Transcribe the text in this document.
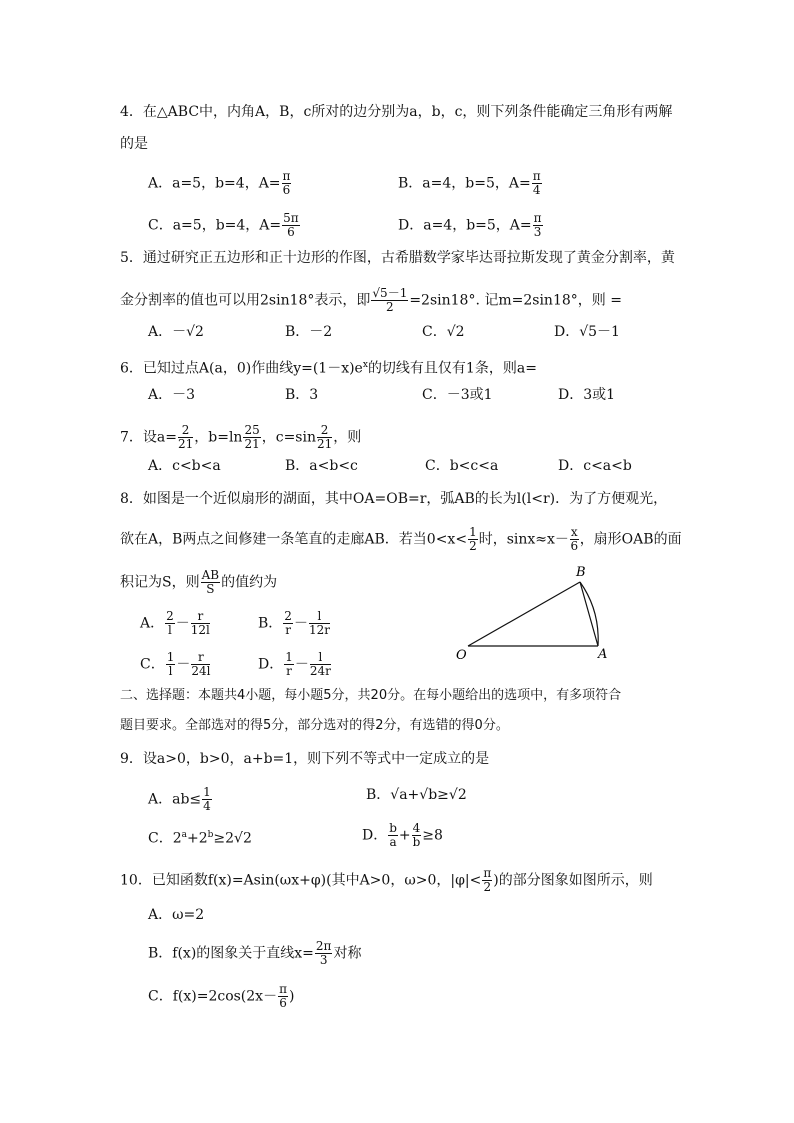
4．在△ABC中，内角A，B，c所对的边分别为a，b，c，则下列条件能确定三角形有两解
的是
A．a=5，b=4，$A= \frac{\pi}{6}$	B．a=4，b=5，$A= \frac{\pi}{4}$
C．a=5，b=4，$A= \frac{5\pi}{6}$	D．a=4，b=5，$A= \frac{\pi}{3}$
5．通过研究正五边形和正十边形的作图，古希腊数学家毕达哥拉斯发现了黄金分割率，黄
金分割率的值也可以用2sin18°表示，即 $\frac{√5-1}{2} =2\sin 18^\circ$. 记m=2sin18°，则 =
A．－√2	B．－2	C．√2	D．√5－1
6．已知过点A(a，0)作曲线$y=(1-x)e^x$的切线有且仅有1条，则a=
A．－3	B．3	C．－3或1	D．3或1
7．设$a= \frac{2}{21}$ ，$b=\ln \frac{25}{21}$ ，$c=\sin \frac{2}{21}$ ，则
A．c<b<a	B．a<b<c	C．b<c<a	D．c<a<b
8．如图是一个近似扇形的湖面，其中OA=OB=r，弧AB的长为l(l<r)．为了方便观光，
欲在A，B两点之间修建一条笔直的走廊AB．若当$0<x< \frac{1}{2}$ 时，$\sin x\approx x- \frac{x}{6}$ ，扇形OAB的面
积记为S，则 $\frac{AB}{S}$ 的值约为
A． $\frac{2}{l} - \frac{r}{12l}$	B． $\frac{2}{r} - \frac{l}{12r}$
C． $\frac{1}{l} - \frac{r}{24l}$	D． $\frac{1}{r} - \frac{l}{24r}$
B
O	A
二、选择题：本题共4小题，每小题5分，共20分。在每小题给出的选项中，有多项符合
题目要求。全部选对的得5分，部分选对的得2分，有选错的得0分。
9．设a>0，b>0，a+b=1，则下列不等式中一定成立的是
A．$ab\le \frac{1}{4}$	B．√a+√b≥√2
C．$2^a+2^b\ge 2√2$	D． $\frac{b}{a} + \frac{4}{b} \ge 8$
10．已知函数f(x)=Asin(ωx+φ)(其中A>0，ω>0，$|\varphi|< \frac{\pi}{2}$ )的部分图象如图所示，则
A．ω=2
B．f(x)的图象关于直线$x= \frac{2\pi}{3}$ 对称
C．$f(x)=2\cos(2x- \frac{\pi}{6}$ )
